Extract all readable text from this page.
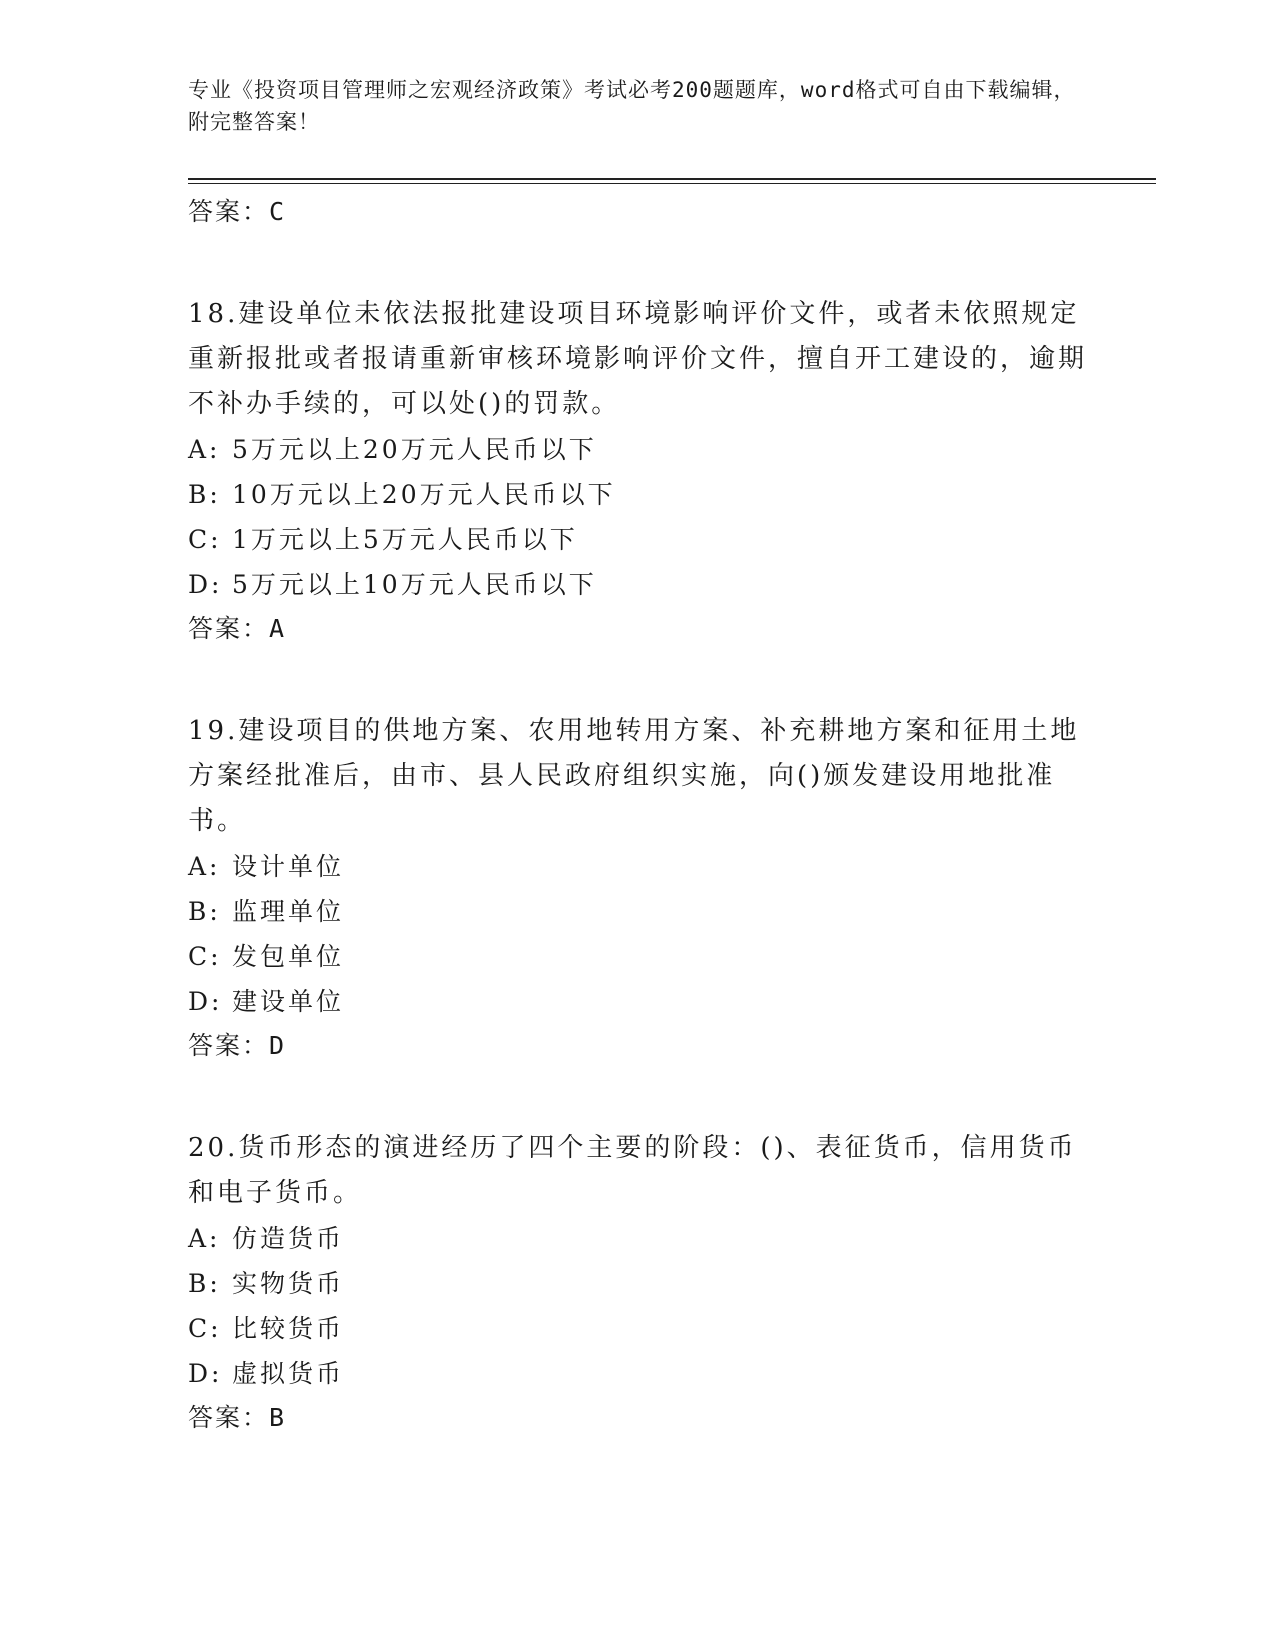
专业《投资项目管理师之宏观经济政策》考试必考200题题库，word格式可自由下载编辑，附完整答案！
答案：C
18.建设单位未依法报批建设项目环境影响评价文件，或者未依照规定重新报批或者报请重新审核环境影响评价文件，擅自开工建设的，逾期不补办手续的，可以处()的罚款。
A: 5万元以上20万元人民币以下
B: 10万元以上20万元人民币以下
C: 1万元以上5万元人民币以下
D: 5万元以上10万元人民币以下
答案：A
19.建设项目的供地方案、农用地转用方案、补充耕地方案和征用土地方案经批准后，由市、县人民政府组织实施，向()颁发建设用地批准书。
A: 设计单位
B: 监理单位
C: 发包单位
D: 建设单位
答案：D
20.货币形态的演进经历了四个主要的阶段：()、表征货币，信用货币和电子货币。
A: 仿造货币
B: 实物货币
C: 比较货币
D: 虚拟货币
答案：B
